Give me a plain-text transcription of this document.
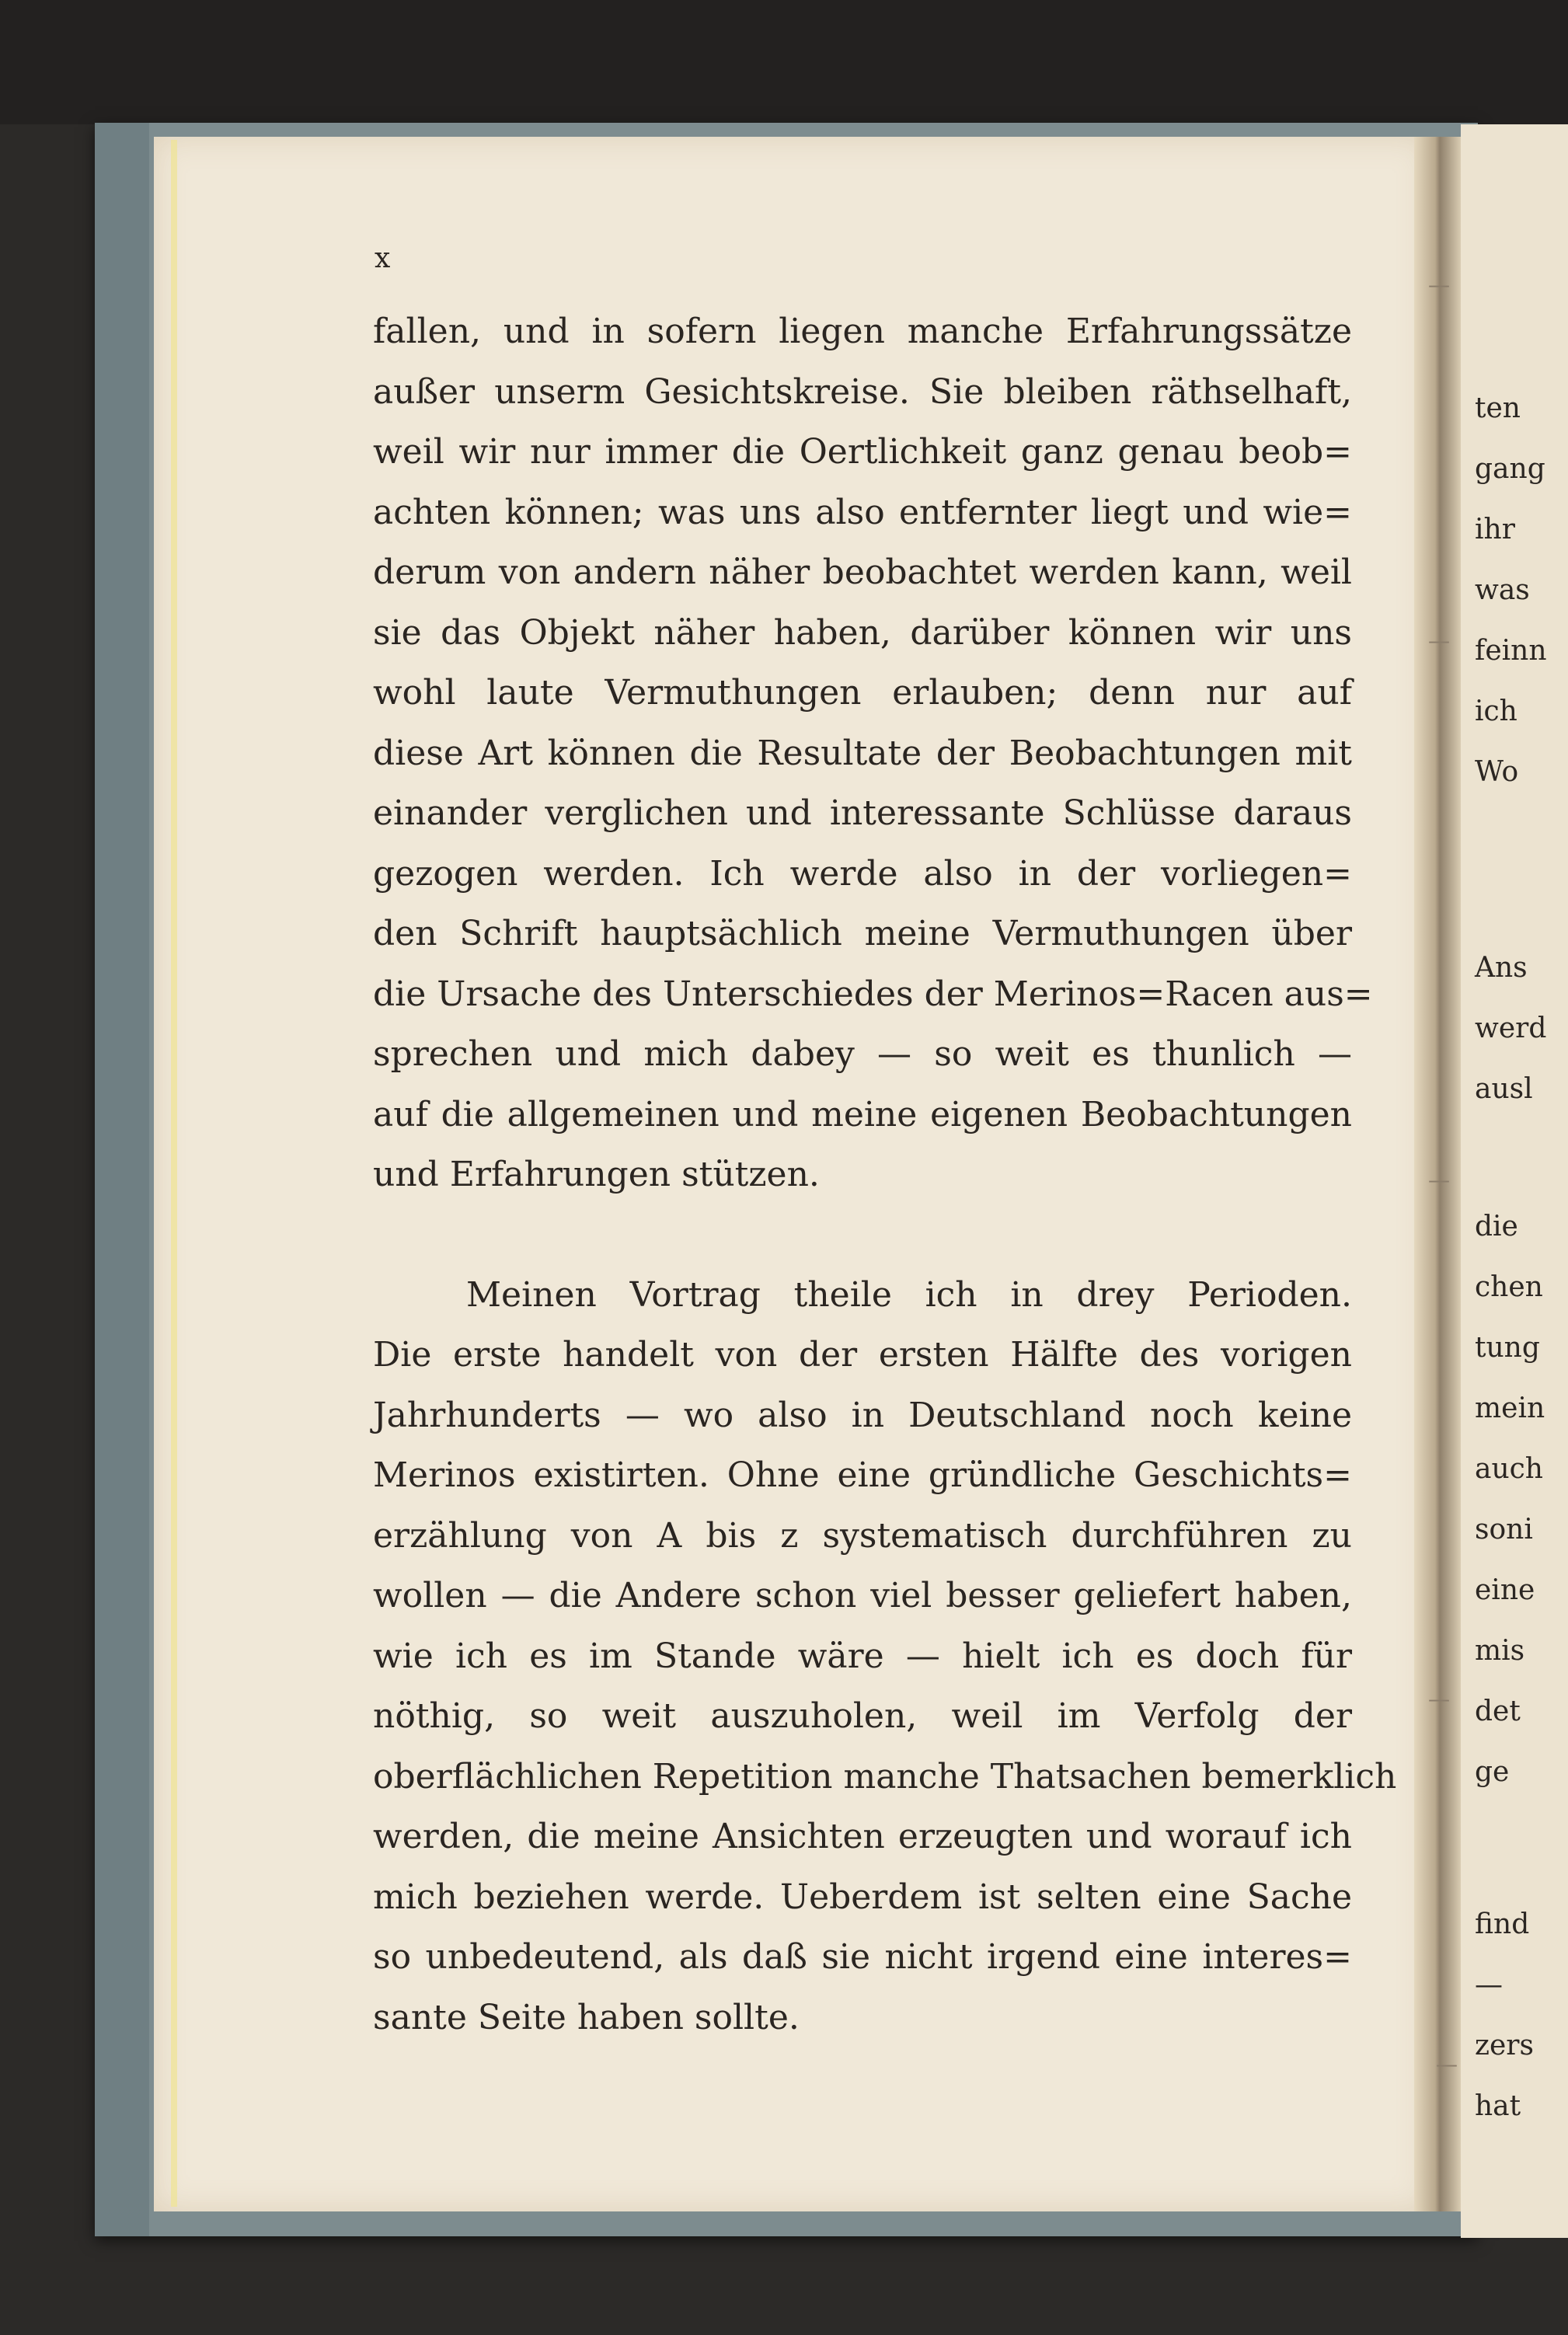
ten
gang
ihr
was
feinn
ich
Wo
Ans
werd
ausl
die
chen
tung
mein
auch
soni
eine
mis
det
ge
find
—
zers
hat
—
—
—
—
—
x
fallen, und in sofern liegen manche Erfahrungssätze
außer unserm Gesichtskreise. Sie bleiben räthselhaft,
weil wir nur immer die Oertlichkeit ganz genau beob=
achten können; was uns also entfernter liegt und wie=
derum von andern näher beobachtet werden kann, weil
sie das Objekt näher haben, darüber können wir uns
wohl laute Vermuthungen erlauben; denn nur auf
diese Art können die Resultate der Beobachtungen mit
einander verglichen und interessante Schlüsse daraus
gezogen werden. Ich werde also in der vorliegen=
den Schrift hauptsächlich meine Vermuthungen über
die Ursache des Unterschiedes der Merinos=Racen aus=
sprechen und mich dabey — so weit es thunlich —
auf die allgemeinen und meine eigenen Beobachtungen
und Erfahrungen stützen.
Meinen Vortrag theile ich in drey Perioden.
Die erste handelt von der ersten Hälfte des vorigen
Jahrhunderts — wo also in Deutschland noch keine
Merinos existirten. Ohne eine gründliche Geschichts=
erzählung von A bis z systematisch durchführen zu
wollen — die Andere schon viel besser geliefert haben,
wie ich es im Stande wäre — hielt ich es doch für
nöthig, so weit auszuholen, weil im Verfolg der
oberflächlichen Repetition manche Thatsachen bemerklich
werden, die meine Ansichten erzeugten und worauf ich
mich beziehen werde. Ueberdem ist selten eine Sache
so unbedeutend, als daß sie nicht irgend eine interes=
sante Seite haben sollte.
